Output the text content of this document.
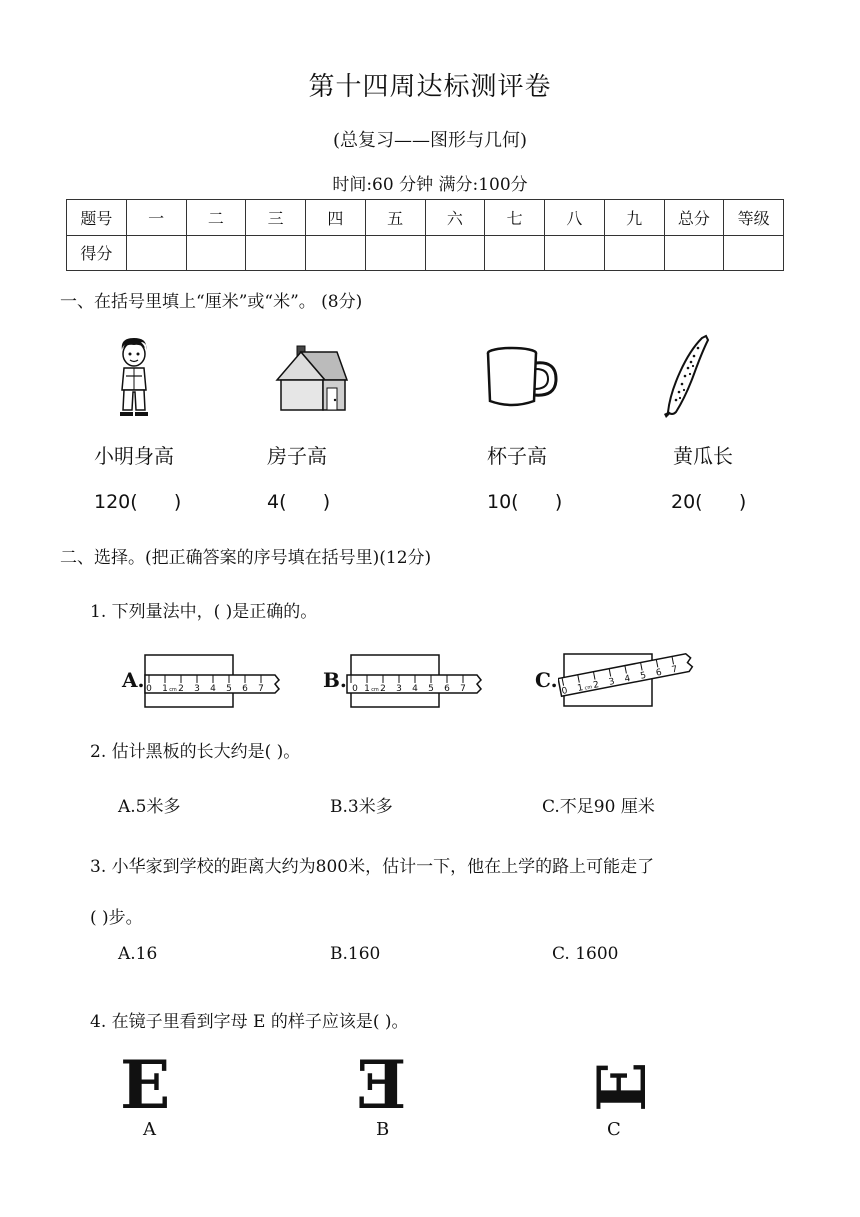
第十四周达标测评卷
(总复习——图形与几何)
时间:60 分钟 满分:100分
题号	一	二	三	四	五	六	七	八	九	总分	等级
得分											
一、在括号里填上“厘米”或“米”。 (8分)
小明身高	房子高	杯子高	黄瓜长
120(      )	4(      )	10(      )	20(      )
二、选择。(把正确答案的序号填在括号里)(12分)
1. 下列量法中，( )是正确的。
A. 0 1 cm 2 3 4 5 6 7	B. 0 1 cm 2 3 4 5 6 7	C. 0 1 cm 2 3 4 5 6 7
2. 估计黑板的长大约是( )。
A.5米多	B.3米多	C.不足90 厘米
3. 小华家到学校的距离大约为800米，估计一下，他在上学的路上可能走了
( )步。
A.16	B.160	C. 1600
4. 在镜子里看到字母 E 的样子应该是( )。
E
A
E
B
E
C
